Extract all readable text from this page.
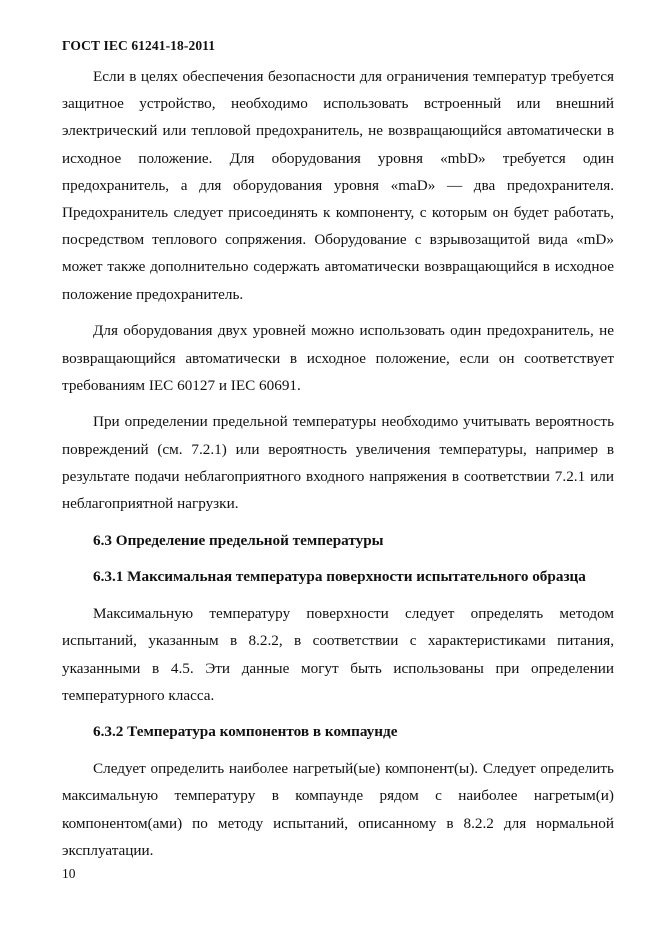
ГОСТ IEC 61241-18-2011

Если в целях обеспечения безопасности для ограничения температур требуется защитное устройство, необходимо использовать встроенный или внешний электрический или тепловой предохранитель, не возвращающийся автоматически в исходное положение. Для оборудования уровня «mbD» требуется один предохранитель, а для оборудования уровня «maD» — два предохранителя. Предохранитель следует присоединять к компоненту, с которым он будет работать, посредством теплового сопряжения. Оборудование с взрывозащитой вида «mD» может также дополнительно содержать автоматически возвращающийся в исходное положение предохранитель.

Для оборудования двух уровней можно использовать один предохранитель, не возвращающийся автоматически в исходное положение, если он соответствует требованиям IEC 60127 и IEC 60691.

При определении предельной температуры необходимо учитывать вероятность повреждений (см. 7.2.1) или вероятность увеличения температуры, например в результате подачи неблагоприятного входного напряжения в соответствии 7.2.1 или неблагоприятной нагрузки.

6.3 Определение предельной температуры

6.3.1 Максимальная температура поверхности испытательного образца

Максимальную температуру поверхности следует определять методом испытаний, указанным в 8.2.2, в соответствии с характеристиками питания, указанными в 4.5. Эти данные могут быть использованы при определении температурного класса.

6.3.2 Температура компонентов в компаунде

Следует определить наиболее нагретый(ые) компонент(ы). Следует определить максимальную температуру в компаунде рядом с наиболее нагретым(и) компонентом(ами) по методу испытаний, описанному в 8.2.2 для нормальной эксплуатации.

10
